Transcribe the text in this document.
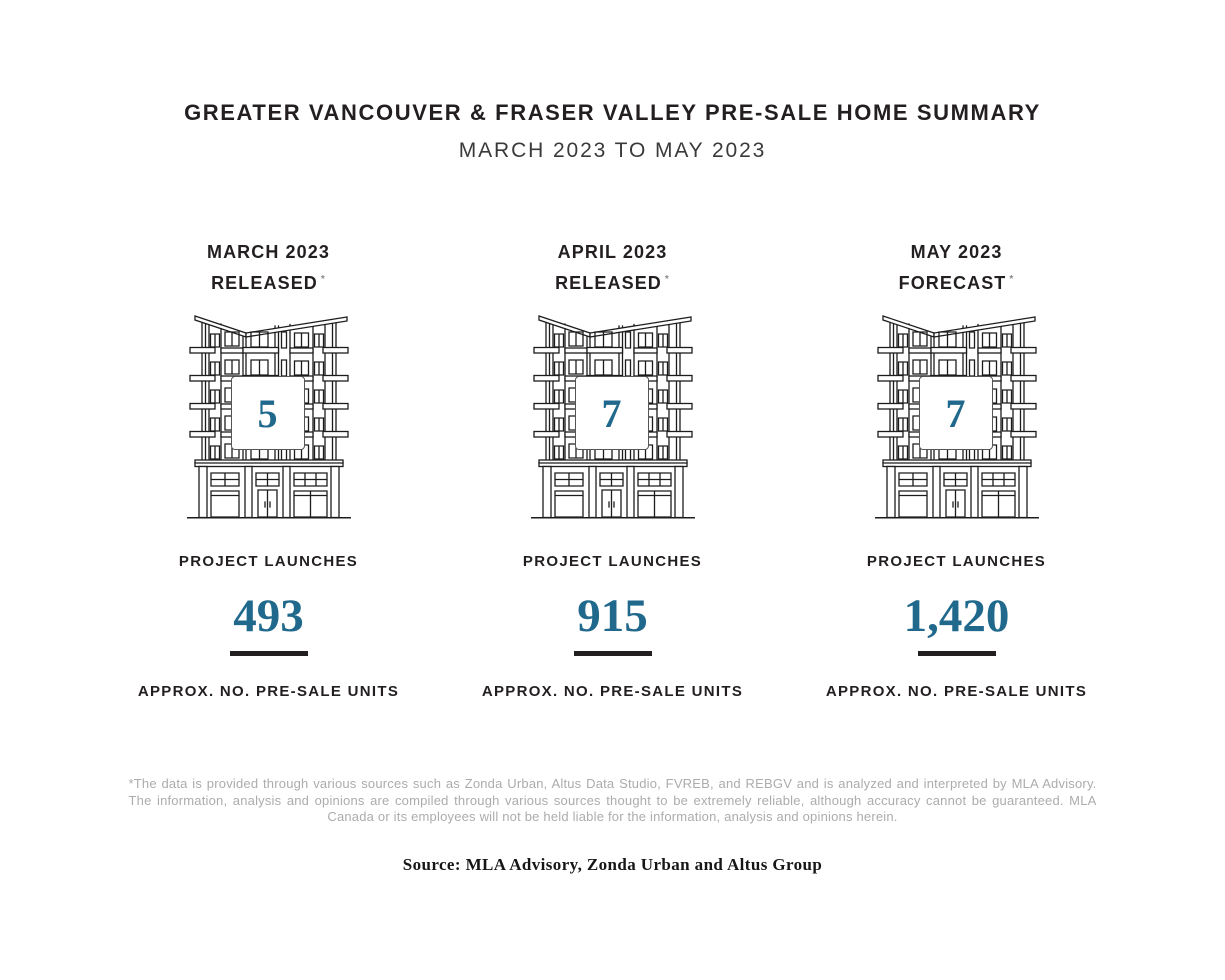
GREATER VANCOUVER & FRASER VALLEY PRE-SALE HOME SUMMARY
MARCH 2023 TO MAY 2023
MARCH 2023
RELEASED *
5
PROJECT LAUNCHES
493
APPROX. NO. PRE-SALE UNITS
APRIL 2023
RELEASED *
7
PROJECT LAUNCHES
915
APPROX. NO. PRE-SALE UNITS
MAY 2023
FORECAST *
7
PROJECT LAUNCHES
1,420
APPROX. NO. PRE-SALE UNITS

*The data is provided through various sources such as Zonda Urban, Altus Data Studio, FVREB, and REBGV and is analyzed and interpreted by MLA Advisory. The information, analysis and opinions are compiled through various sources thought to be extremely reliable, although accuracy cannot be guaranteed. MLA Canada or its employees will not be held liable for the information, analysis and opinions herein.

Source: MLA Advisory, Zonda Urban and Altus Group
